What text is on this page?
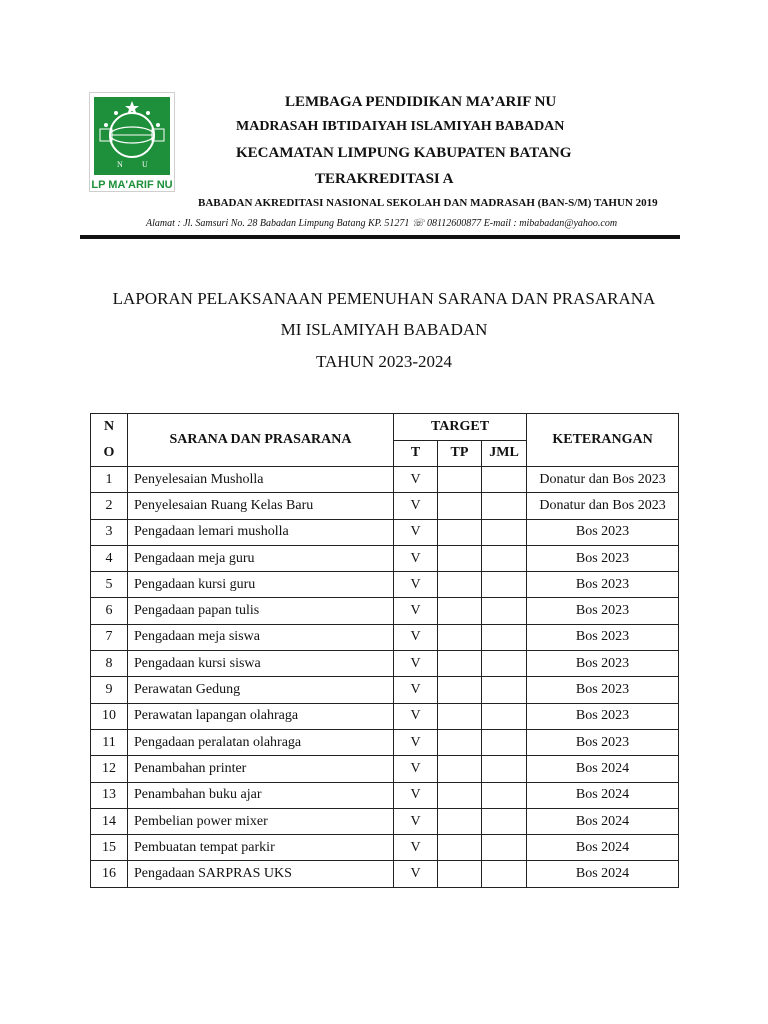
N U
LP MA'ARIF NU
LEMBAGA PENDIDIKAN MA’ARIF NU
MADRASAH IBTIDAIYAH ISLAMIYAH BABADAN
KECAMATAN LIMPUNG KABUPATEN BATANG
TERAKREDITASI A
BABADAN AKREDITASI NASIONAL SEKOLAH DAN MADRASAH (BAN-S/M) TAHUN 2019
Alamat : Jl. Samsuri No. 28 Babadan Limpung Batang KP. 51271 ☏ 08112600877 E-mail : mibabadan@yahoo.com
LAPORAN PELAKSANAAN PEMENUHAN SARANA DAN PRASARANA
MI ISLAMIYAH BABADAN
TAHUN 2023-2024
N
O	SARANA DAN PRASARANA	TARGET			KETERANGAN
		T	TP	JML	
1	Penyelesaian Musholla	V			Donatur dan Bos 2023
2	Penyelesaian Ruang Kelas Baru	V			Donatur dan Bos 2023
3	Pengadaan lemari musholla	V			Bos 2023
4	Pengadaan meja guru	V			Bos 2023
5	Pengadaan kursi guru	V			Bos 2023
6	Pengadaan papan tulis	V			Bos 2023
7	Pengadaan meja siswa	V			Bos 2023
8	Pengadaan kursi siswa	V			Bos 2023
9	Perawatan Gedung	V			Bos 2023
10	Perawatan lapangan olahraga	V			Bos 2023
11	Pengadaan peralatan olahraga	V			Bos 2023
12	Penambahan printer	V			Bos 2024
13	Penambahan buku ajar	V			Bos 2024
14	Pembelian power mixer	V			Bos 2024
15	Pembuatan tempat parkir	V			Bos 2024
16	Pengadaan SARPRAS UKS	V			Bos 2024
